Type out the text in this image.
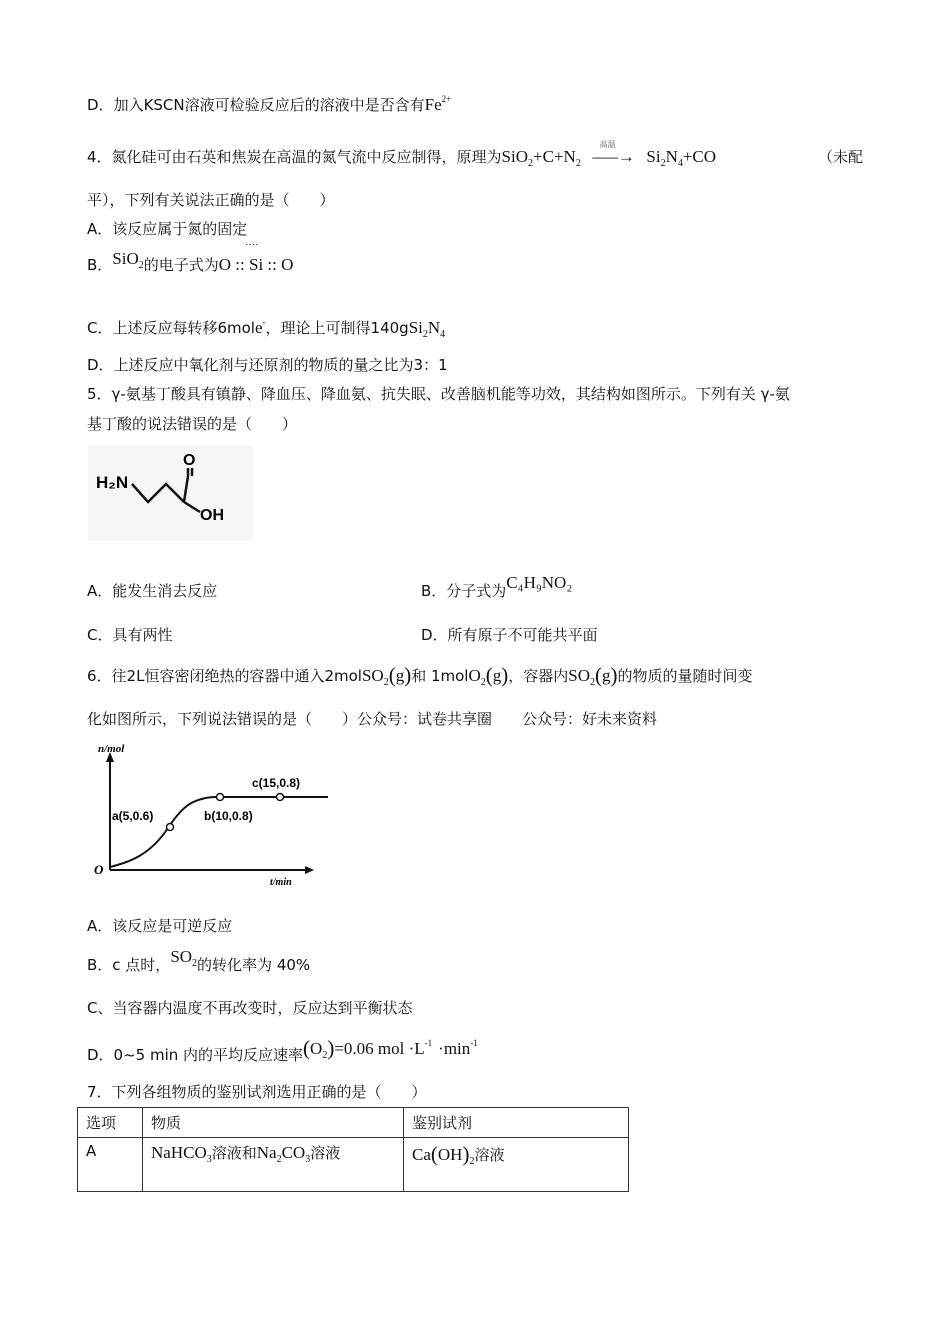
D．加入KSCN溶液可检验反应后的溶液中是否含有$Fe^{2+}$
4．氮化硅可由石英和焦炭在高温的氮气流中反应制得，原理为$SiO_2+C+N_2$
高温
–––→ $Si_2N_4+CO$	（未配
平），下列有关说法正确的是（　　）
A．该反应属于氮的固定
B．SiO2的电子式为O :: Si :: O
‥‥
C．上述反应每转移6mole-，理论上可制得$140gSi_2N_4$
D．上述反应中氧化剂与还原剂的物质的量之比为3：1
5．γ-氨基丁酸具有镇静、降血压、降血氨、抗失眠、改善脑机能等功效，其结构如图所示。下列有关 γ-氨
基丁酸的说法错误的是（　　）
H₂N
O
OH
A．能发生消去反应	B．分子式为C₄H₉NO₂
C．具有两性	D．所有原子不可能共平面
6．往2L恒容密闭绝热的容器中通入2molSO$_2$(g)和 1molO$_2$(g)，容器内$SO_2(g)$的物质的量随时间变
化如图所示，下列说法错误的是（　　）公众号：试卷共享圈　　公众号：好未来资料
n/mol
t/min
O
a(5,0.6)	b(10,0.8)
c(15,0.8)
A．该反应是可逆反应
B．c 点时，$SO^2$的转化率为 40%
C、当容器内温度不再改变时，反应达到平衡状态
D．0~5 min 内的平均反应速率(O2)=0.06 mol $\cdot L^{-1} \cdot\min^{-1}$
7．下列各组物质的鉴别试剂选用正确的是（　　）
选项	物质	鉴别试剂
A	NaHCO$_3$溶液和$Na_2CO_3$溶液	$Ca(OH)_2$溶液
